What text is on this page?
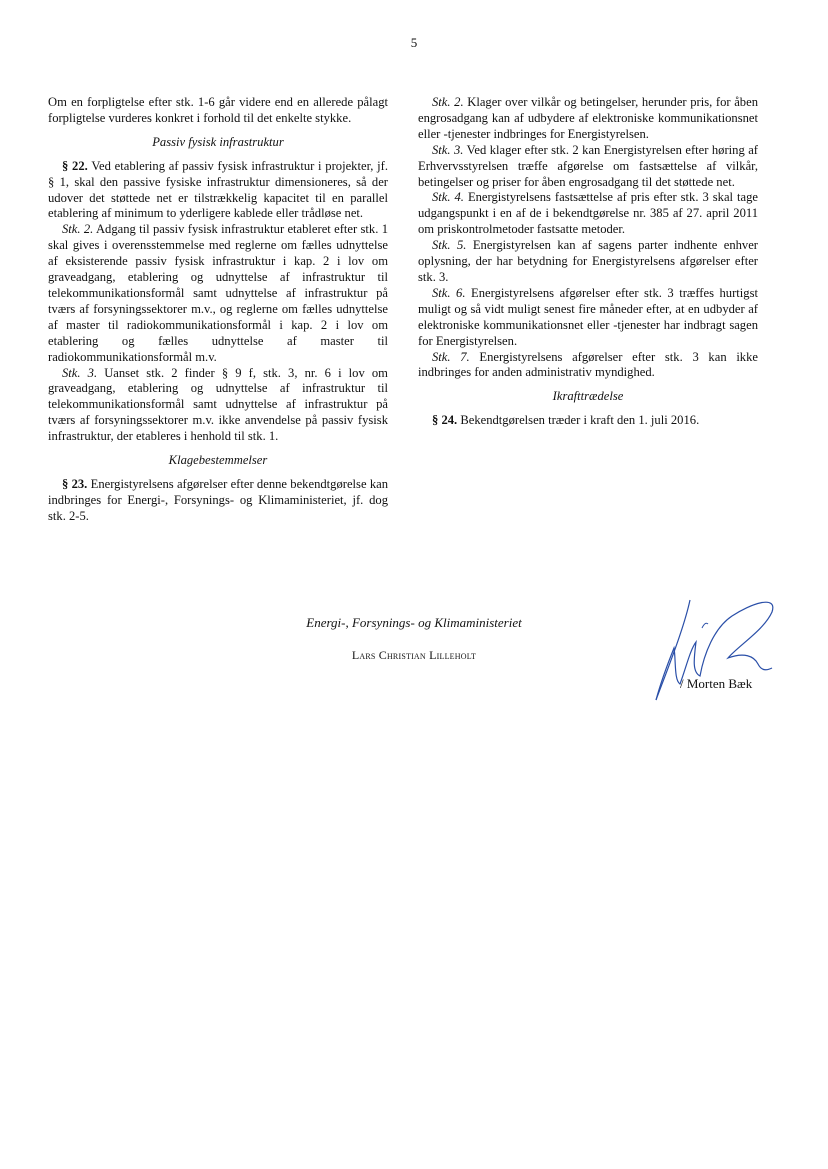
5

Om en forpligtelse efter stk. 1-6 går videre end en allerede pålagt forpligtelse vurderes konkret i forhold til det enkelte stykke.

Passiv fysisk infrastruktur

§ 22. Ved etablering af passiv fysisk infrastruktur i projekter, jf. § 1, skal den passive fysiske infrastruktur dimensioneres, så der udover det støttede net er tilstrækkelig kapacitet til en parallel etablering af minimum to yderligere kablede eller trådløse net.

Stk. 2. Adgang til passiv fysisk infrastruktur etableret efter stk. 1 skal gives i overensstemmelse med reglerne om fælles udnyttelse af eksisterende passiv fysisk infrastruktur i kap. 2 i lov om graveadgang, etablering og udnyttelse af infrastruktur til telekommunikationsformål samt udnyttelse af infrastruktur på tværs af forsyningssektorer m.v., og reglerne om fælles udnyttelse af master til radiokommunikationsformål i kap. 2 i lov om etablering og fælles udnyttelse af master til radiokommunikationsformål m.v.

Stk. 3. Uanset stk. 2 finder § 9 f, stk. 3, nr. 6 i lov om graveadgang, etablering og udnyttelse af infrastruktur til telekommunikationsformål samt udnyttelse af infrastruktur på tværs af forsyningssektorer m.v. ikke anvendelse på passiv fysisk infrastruktur, der etableres i henhold til stk. 1.

Klagebestemmelser

§ 23. Energistyrelsens afgørelser efter denne bekendtgørelse kan indbringes for Energi-, Forsynings- og Klimaministeriet, jf. dog stk. 2-5.

Stk. 2. Klager over vilkår og betingelser, herunder pris, for åben engrosadgang kan af udbydere af elektroniske kommunikationsnet eller -tjenester indbringes for Energistyrelsen.

Stk. 3. Ved klager efter stk. 2 kan Energistyrelsen efter høring af Erhvervsstyrelsen træffe afgørelse om fastsættelse af vilkår, betingelser og priser for åben engrosadgang til det støttede net.

Stk. 4. Energistyrelsens fastsættelse af pris efter stk. 3 skal tage udgangspunkt i en af de i bekendtgørelse nr. 385 af 27. april 2011 om priskontrolmetoder fastsatte metoder.

Stk. 5. Energistyrelsen kan af sagens parter indhente enhver oplysning, der har betydning for Energistyrelsens afgørelser efter stk. 3.

Stk. 6. Energistyrelsens afgørelser efter stk. 3 træffes hurtigst muligt og så vidt muligt senest fire måneder efter, at en udbyder af elektroniske kommunikationsnet eller -tjenester har indbragt sagen for Energistyrelsen.

Stk. 7. Energistyrelsens afgørelser efter stk. 3 kan ikke indbringes for anden administrativ myndighed.

Ikrafttrædelse

§ 24. Bekendtgørelsen træder i kraft den 1. juli 2016.

Energi-, Forsynings- og Klimaministeriet
Lars Christian Lilleholt
/ Morten Bæk
